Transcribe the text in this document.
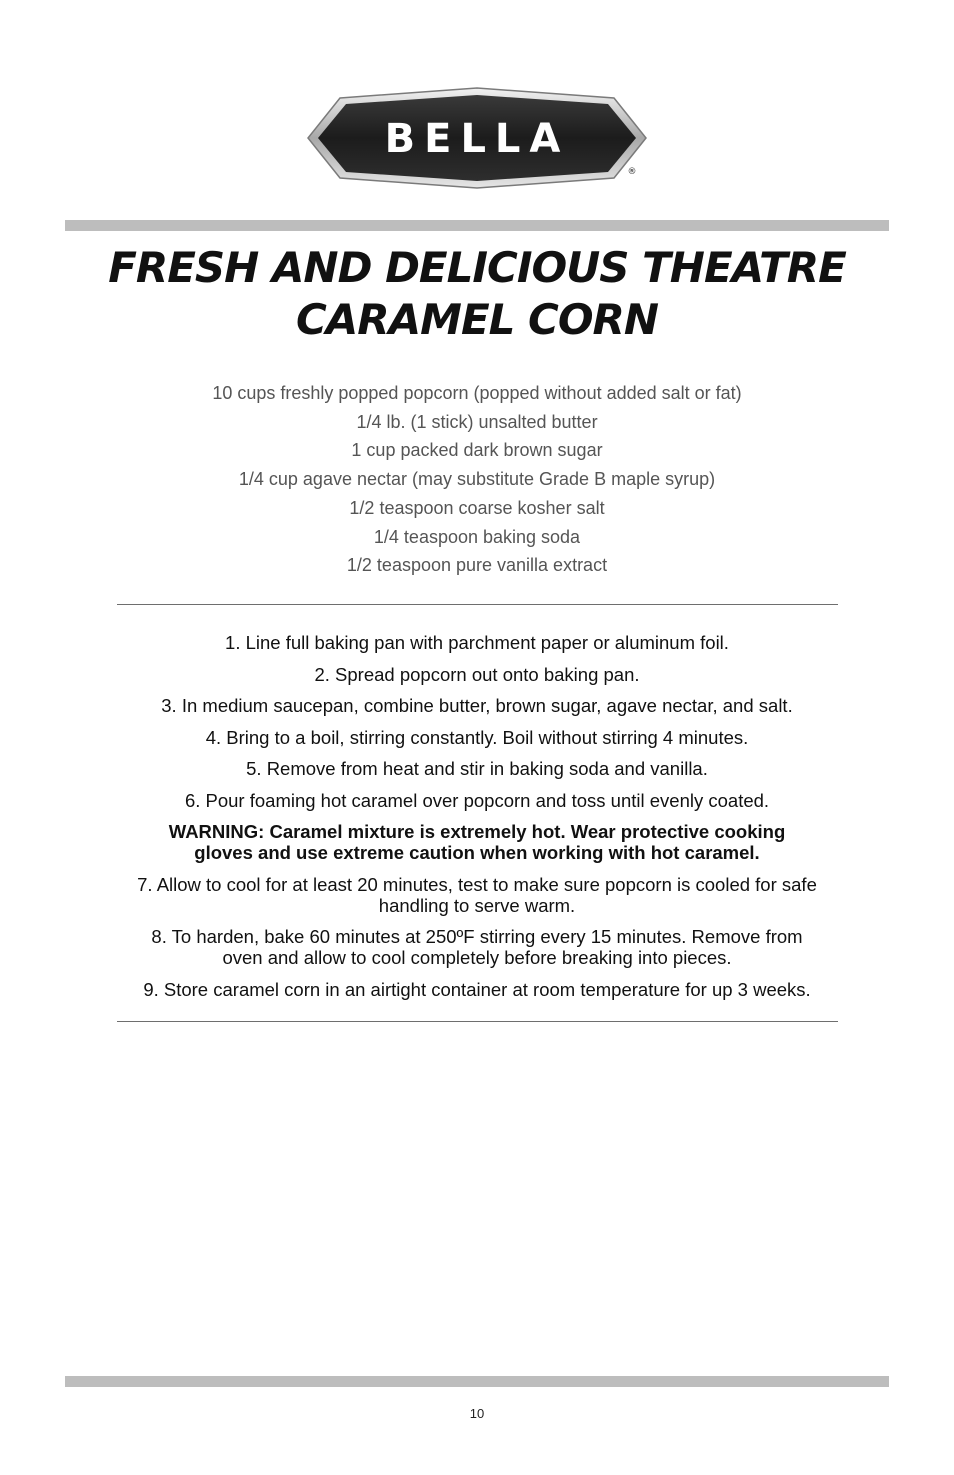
BELLA
®
FRESH AND DELICIOUS THEATRE
CARAMEL CORN
10 cups freshly popped popcorn (popped without added salt or fat)
1/4 lb. (1 stick) unsalted butter
1 cup packed dark brown sugar
1/4 cup agave nectar (may substitute Grade B maple syrup)
1/2 teaspoon coarse kosher salt
1/4 teaspoon baking soda
1/2 teaspoon pure vanilla extract
1. Line full baking pan with parchment paper or aluminum foil.
2. Spread popcorn out onto baking pan.
3. In medium saucepan, combine butter, brown sugar, agave nectar, and salt.
4. Bring to a boil, stirring constantly. Boil without stirring 4 minutes.
5. Remove from heat and stir in baking soda and vanilla.
6. Pour foaming hot caramel over popcorn and toss until evenly coated.
WARNING: Caramel mixture is extremely hot. Wear protective cooking gloves and use extreme caution when working with hot caramel.
7. Allow to cool for at least 20 minutes, test to make sure popcorn is cooled for safe handling to serve warm.
8. To harden, bake 60 minutes at 250ºF stirring every 15 minutes. Remove from oven and allow to cool completely before breaking into pieces.
9. Store caramel corn in an airtight container at room temperature for up 3 weeks.
10
